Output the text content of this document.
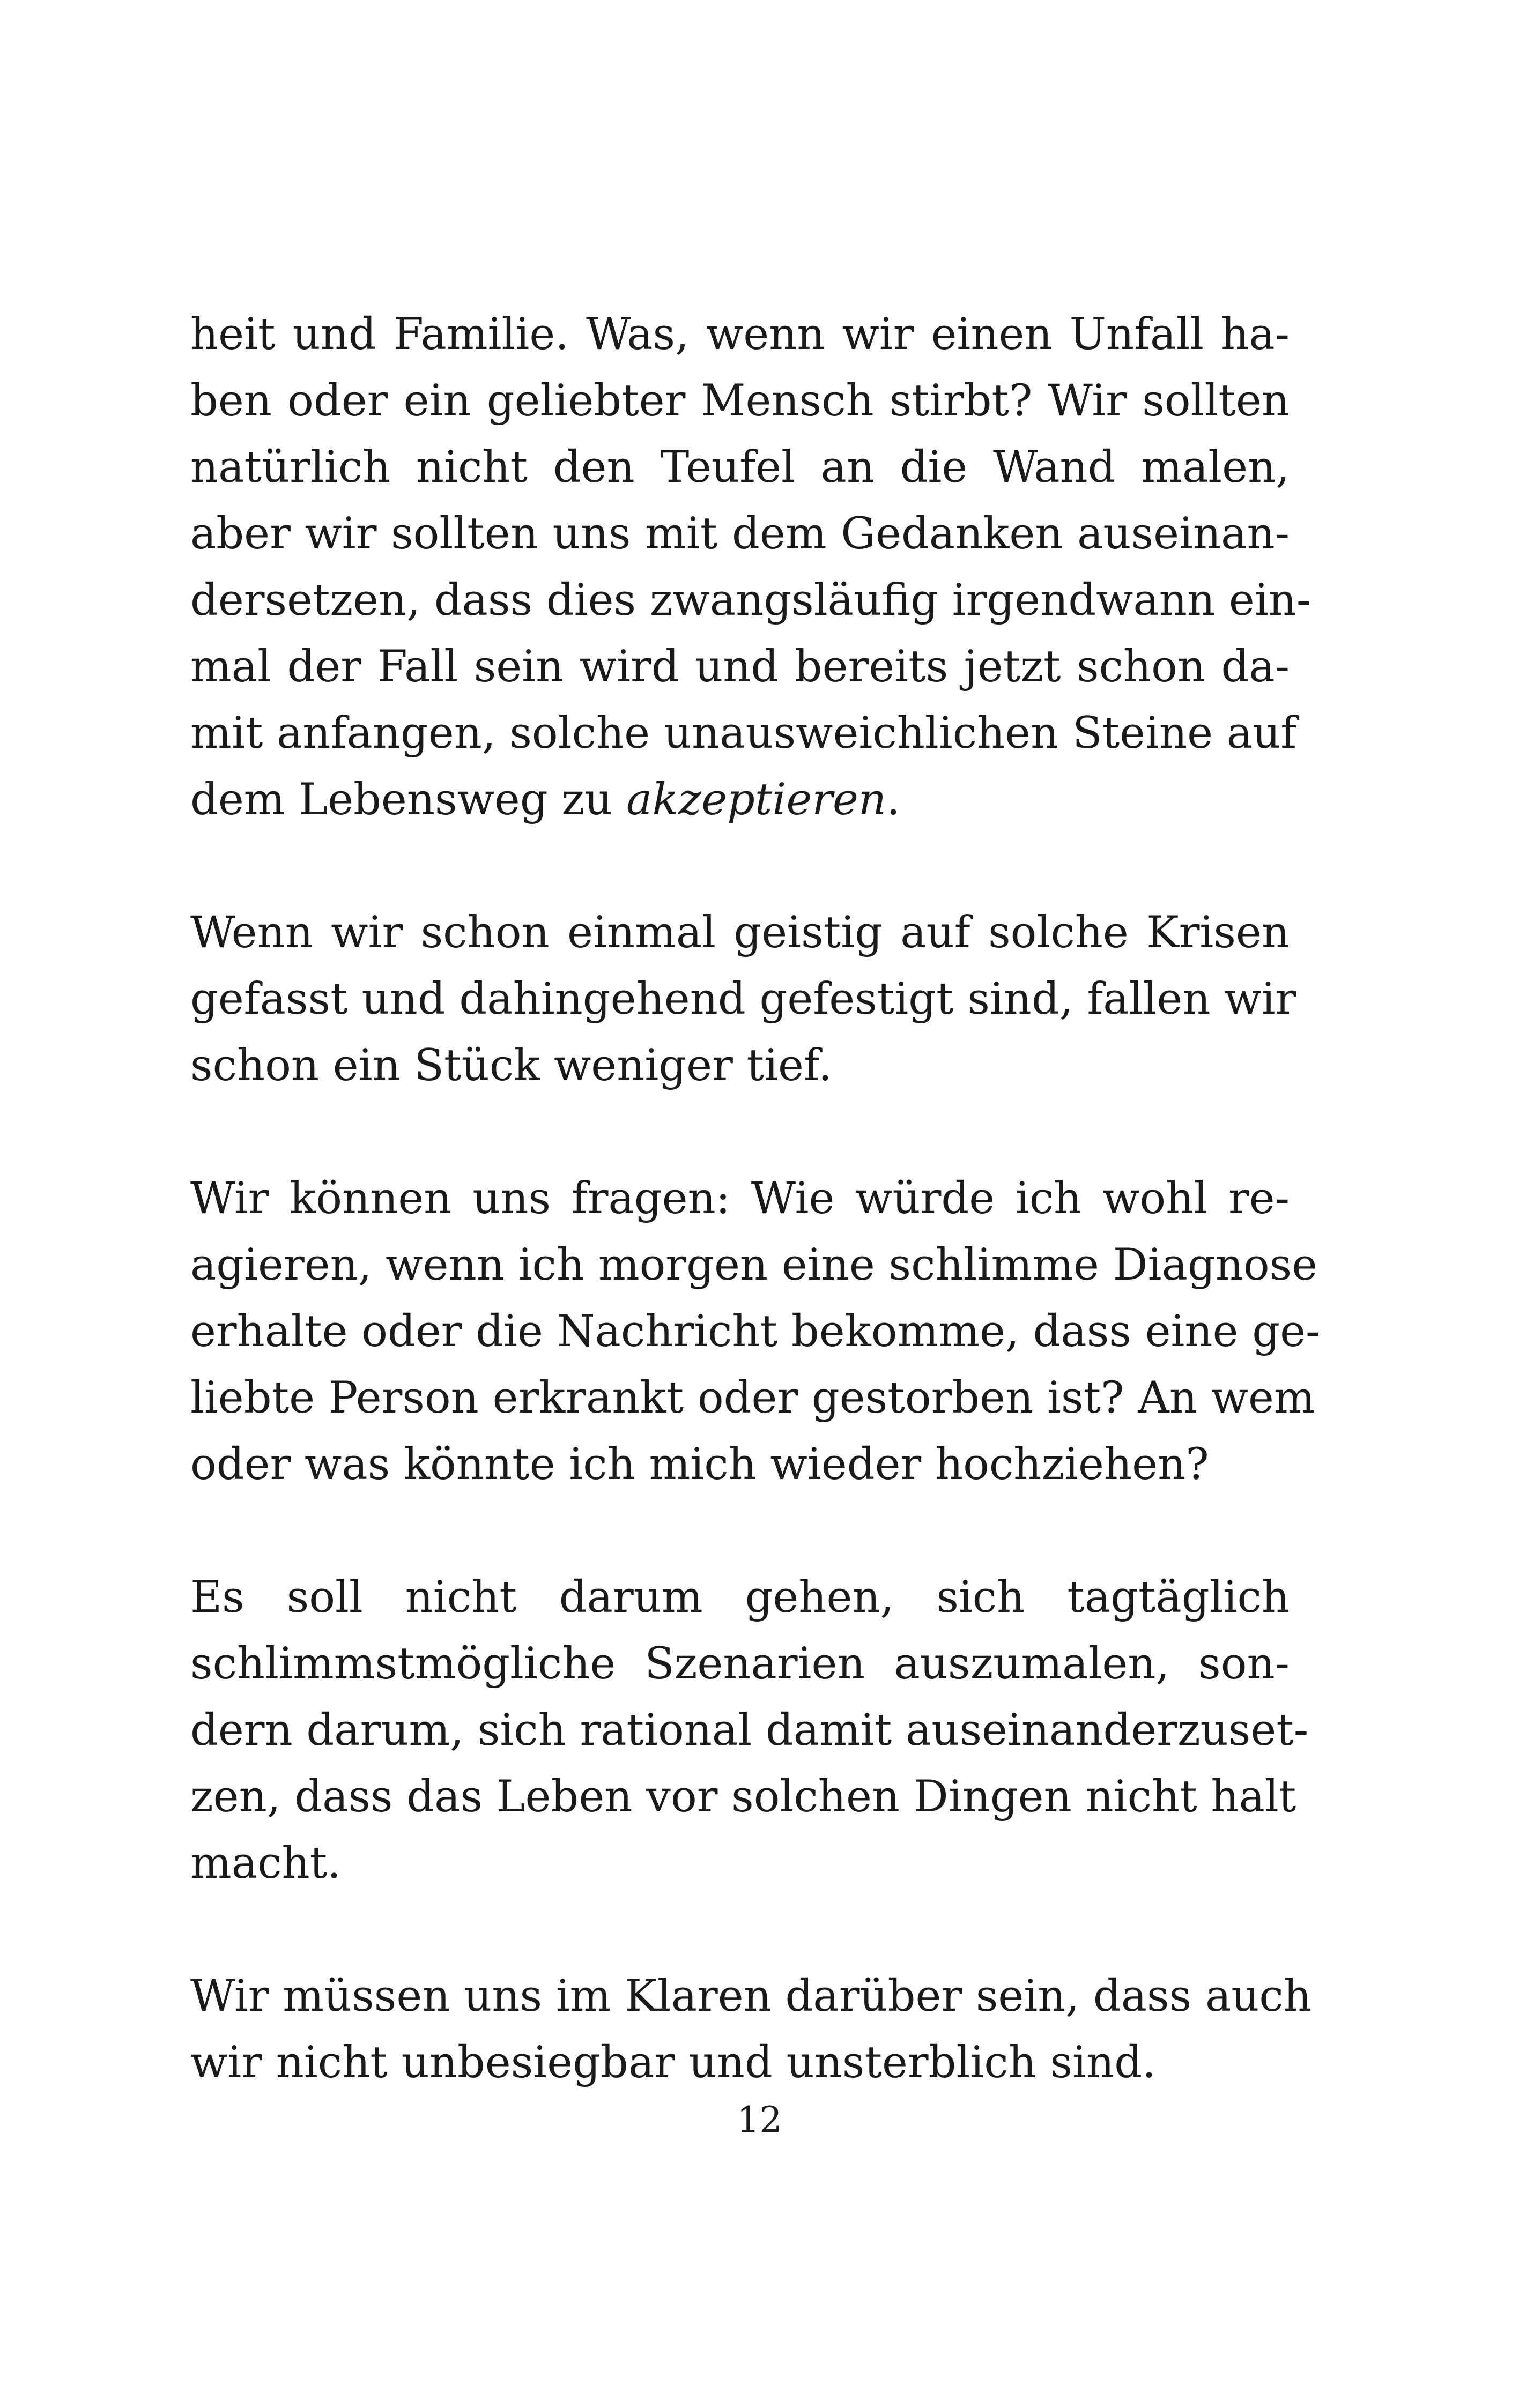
heit und Familie. Was, wenn wir einen Unfall ha-
ben oder ein geliebter Mensch stirbt? Wir sollten
natürlich nicht den Teufel an die Wand malen,
aber wir sollten uns mit dem Gedanken auseinan-
dersetzen, dass dies zwangsläufig irgendwann ein-
mal der Fall sein wird und bereits jetzt schon da-
mit anfangen, solche unausweichlichen Steine auf
dem Lebensweg zu akzeptieren.

Wenn wir schon einmal geistig auf solche Krisen
gefasst und dahingehend gefestigt sind, fallen wir
schon ein Stück weniger tief.

Wir können uns fragen: Wie würde ich wohl re-
agieren, wenn ich morgen eine schlimme Diagnose
erhalte oder die Nachricht bekomme, dass eine ge-
liebte Person erkrankt oder gestorben ist? An wem
oder was könnte ich mich wieder hochziehen?

Es soll nicht darum gehen, sich tagtäglich
schlimmstmögliche Szenarien auszumalen, son-
dern darum, sich rational damit auseinanderzuset-
zen, dass das Leben vor solchen Dingen nicht halt
macht.

Wir müssen uns im Klaren darüber sein, dass auch
wir nicht unbesiegbar und unsterblich sind.

12
